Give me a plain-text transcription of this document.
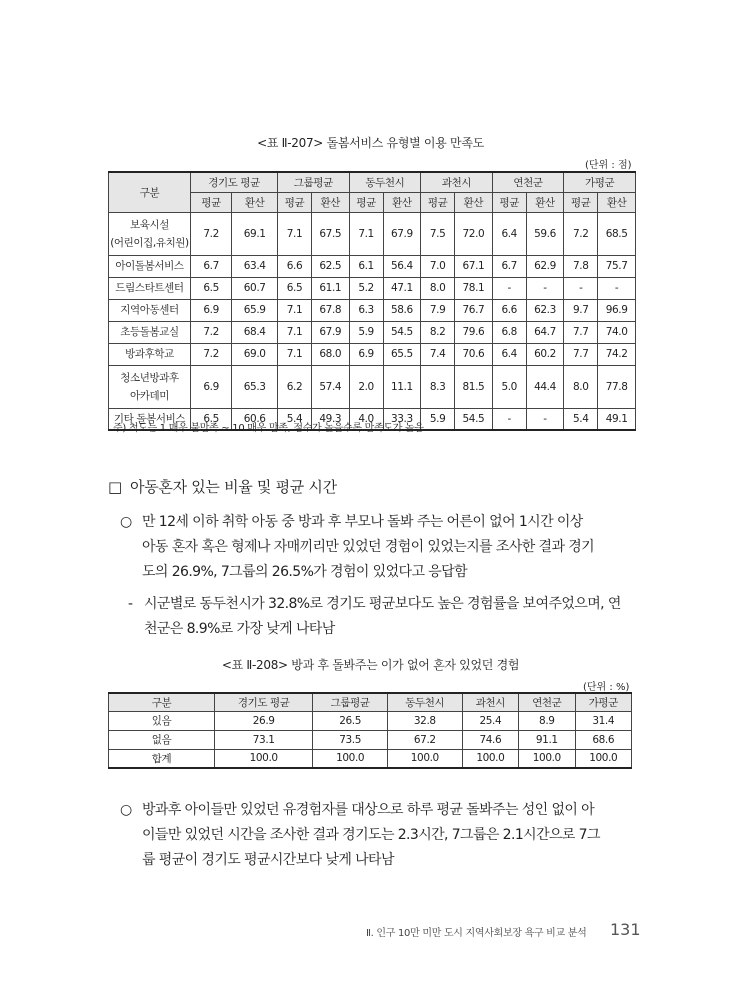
<표 Ⅱ-207> 돌봄서비스 유형별 이용 만족도
(단위 : 점)
구분	경기도 평균		그룹평균		동두천시		과천시		연천군		가평군	
	평균	환산	평균	환산	평균	환산	평균	환산	평균	환산	평균	환산

보육시설
(어린이집,유치원)	7.2	69.1	7.1	67.5	7.1	67.9	7.5	72.0	6.4	59.6	7.2	68.5

아이돌봄서비스	6.7	63.4	6.6	62.5	6.1	56.4	7.0	67.1	6.7	62.9	7.8	75.7

드림스타트센터	6.5	60.7	6.5	61.1	5.2	47.1	8.0	78.1	-	-	-	-

지역아동센터	6.9	65.9	7.1	67.8	6.3	58.6	7.9	76.7	6.6	62.3	9.7	96.9

초등돌봄교실	7.2	68.4	7.1	67.9	5.9	54.5	8.2	79.6	6.8	64.7	7.7	74.0

방과후학교	7.2	69.0	7.1	68.0	6.9	65.5	7.4	70.6	6.4	60.2	7.7	74.2

청소년방과후
아카데미	6.9	65.3	6.2	57.4	2.0	11.1	8.3	81.5	5.0	44.4	8.0	77.8

기타 돌봄서비스	6.5	60.6	5.4	49.3	4.0	33.3	5.9	54.5	-	-	5.4	49.1
주) 척도는 1 매우 불만족 ~ 10 매우 만족, 점수가 높을수록 만족도가 높음
□ 아동혼자 있는 비율 및 평균 시간
○ 만 12세 이하 취학 아동 중 방과 후 부모나 돌봐 주는 어른이 없어 1시간 이상
아동 혼자 혹은 형제나 자매끼리만 있었던 경험이 있었는지를 조사한 결과 경기
도의 26.9%, 7그룹의 26.5%가 경험이 있었다고 응답함
- 시군별로 동두천시가 32.8%로 경기도 평균보다도 높은 경험률을 보여주었으며, 연
천군은 8.9%로 가장 낮게 나타남
<표 Ⅱ-208> 방과 후 돌봐주는 이가 없어 혼자 있었던 경험
(단위 : %)
구분	경기도 평균	그룹평균	동두천시	과천시	연천군	가평군
있음	26.9	26.5	32.8	25.4	8.9	31.4
없음	73.1	73.5	67.2	74.6	91.1	68.6
합계	100.0	100.0	100.0	100.0	100.0	100.0
○ 방과후 아이들만 있었던 유경험자를 대상으로 하루 평균 돌봐주는 성인 없이 아
이들만 있었던 시간을 조사한 결과 경기도는 2.3시간, 7그룹은 2.1시간으로 7그
룹 평균이 경기도 평균시간보다 낮게 나타남
Ⅱ. 인구 10만 미만 도시 지역사회보장 욕구 비교 분석 131
